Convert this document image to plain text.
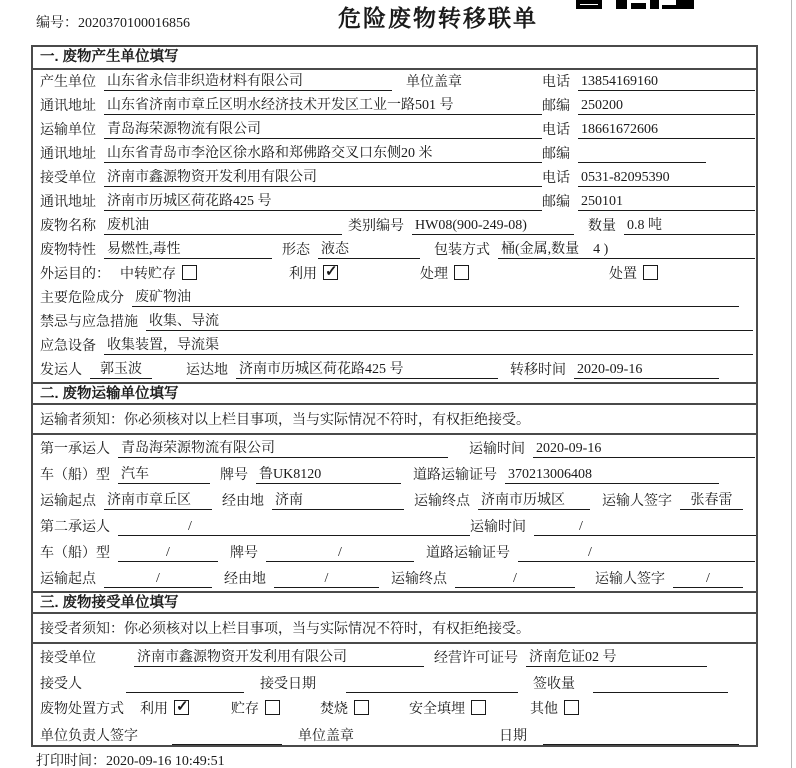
编号：2020370100016856	危险废物转移联单
一. 废物产生单位填写
产生单位 山东省永信非织造材料有限公司	单位盖章	电话 13854169160
通讯地址 山东省济南市章丘区明水经济技术开发区工业一路501 号	邮编 250200
运输单位 青岛海荣源物流有限公司	电话 18661672606
通讯地址 山东省青岛市李沧区徐水路和郑佛路交叉口东侧20 米	邮编
接受单位 济南市鑫源物资开发利用有限公司	电话 0531-82095390
通讯地址 济南市历城区荷花路425 号	邮编 250101
废物名称 废机油	类别编号 HW08(900-249-08)	数量 0.8 吨
废物特性 易燃性,毒性	形态 液态	包装方式 桶(金属,数量　4 )
外运目的： 中转贮存	利用 ✓	处理	处置
主要危险成分 废矿物油
禁忌与应急措施 收集、导流
应急设备 收集装置，导流渠
发运人	郭玉波	运达地 济南市历城区荷花路425 号	转移时间 2020-09-16
二. 废物运输单位填写
运输者须知：你必须核对以上栏目事项，当与实际情况不符时，有权拒绝接受。
第一承运人 青岛海荣源物流有限公司	运输时间 2020-09-16
车（船）型 汽车	牌号 鲁UK8120	道路运输证号 370213006408
运输起点 济南市章丘区	经由地 济南	运输终点 济南市历城区	运输人签字	张春雷
第二承运人	/	运输时间	/
车（船）型	/	牌号	/	道路运输证号	/
运输起点	/	经由地	/	运输终点	/	运输人签字	/
三. 废物接受单位填写
接受者须知：你必须核对以上栏目事项，当与实际情况不符时，有权拒绝接受。
接受单位	济南市鑫源物资开发利用有限公司	经营许可证号 济南危证02 号
接受人	接受日期	签收量
废物处置方式 利用 ✓	贮存	焚烧	安全填埋	其他
单位负责人签字	单位盖章	日期
打印时间：2020-09-16 10:49:51
